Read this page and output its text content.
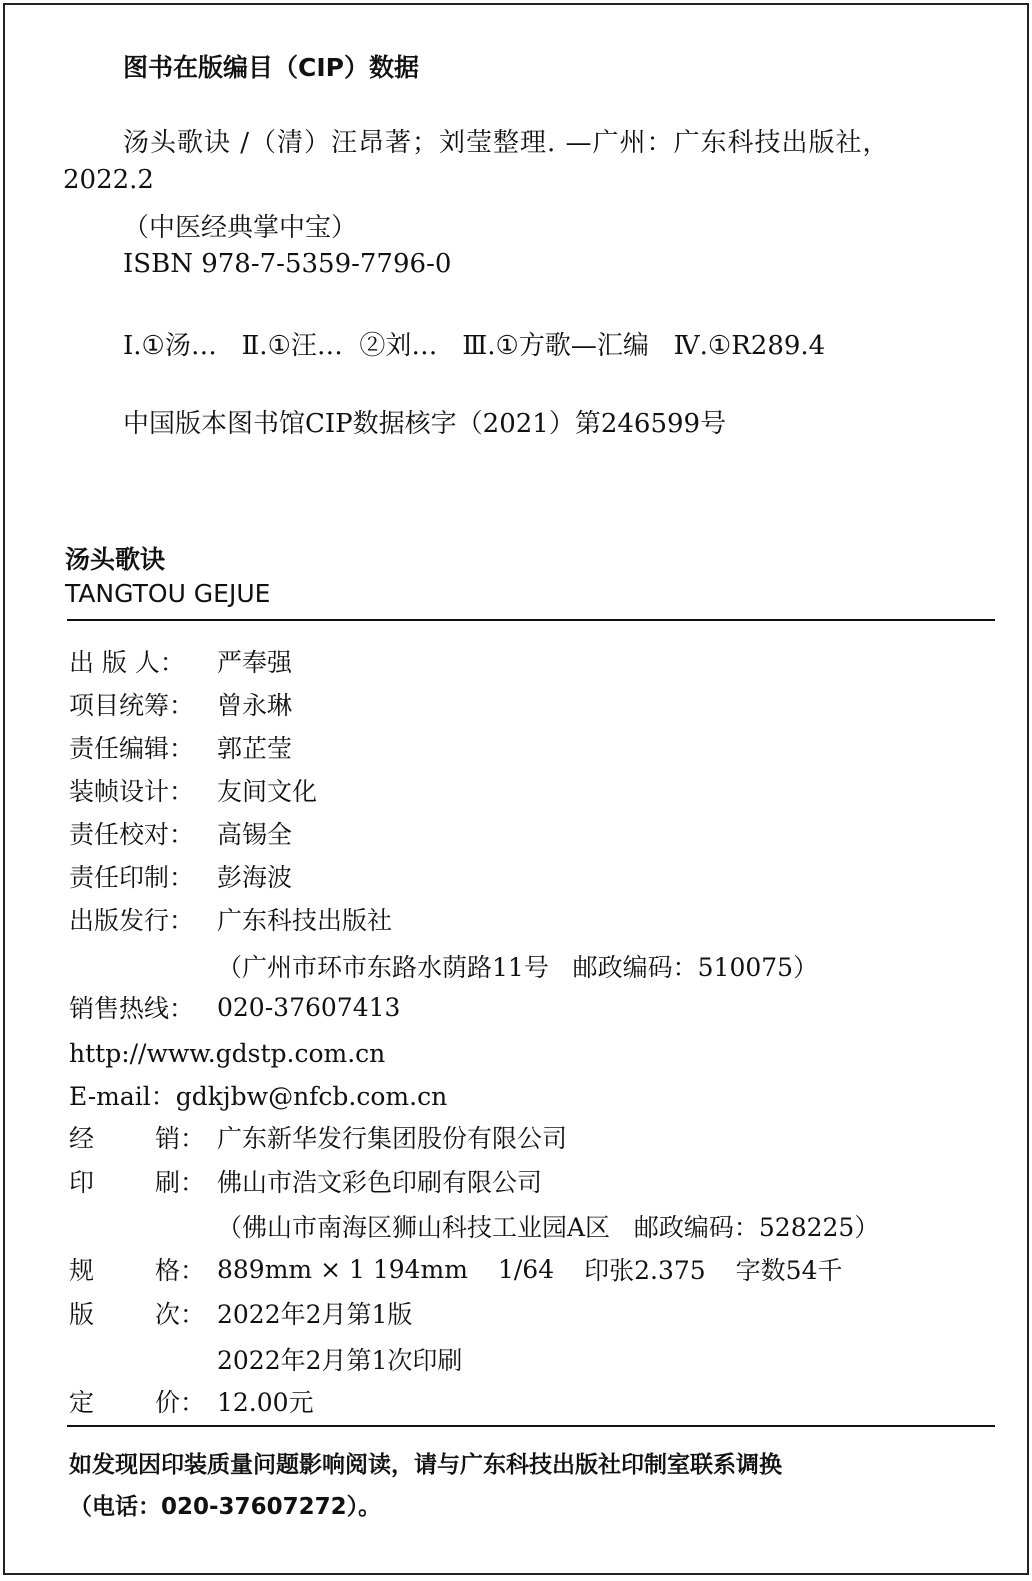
图书在版编目（CIP）数据
汤头歌诀 /（清）汪昂著；刘莹整理. —广州：广东科技出版社，
2022.2
（中医经典掌中宝）
ISBN 978-7-5359-7796-0
Ⅰ.①汤…   Ⅱ.①汪…  ②刘…   Ⅲ.①方歌—汇编   Ⅳ.①R289.4
中国版本图书馆CIP数据核字（2021）第246599号
汤头歌诀
TANGTOU GEJUE
出 版 人：	严奉强
项目统筹： 曾永琳
责任编辑： 郭芷莹
装帧设计： 友间文化
责任校对： 高锡全
责任印制： 彭海波
出版发行： 广东科技出版社
（广州市环市东路水荫路11号   邮政编码：510075）
销售热线： 020-37607413
http://www.gdstp.com.cn
E-mail：gdkjbw@nfcb.com.cn
经 销： 广东新华发行集团股份有限公司
印 刷： 佛山市浩文彩色印刷有限公司
（佛山市南海区狮山科技工业园A区   邮政编码：528225）
规 格： 889mm × 1 194mm 1/64 印张2.375 字数54千
版 次： 2022年2月第1版
2022年2月第1次印刷
定 价： 12.00元
如发现因印装质量问题影响阅读，请与广东科技出版社印制室联系调换
（电话：020-37607272）。
